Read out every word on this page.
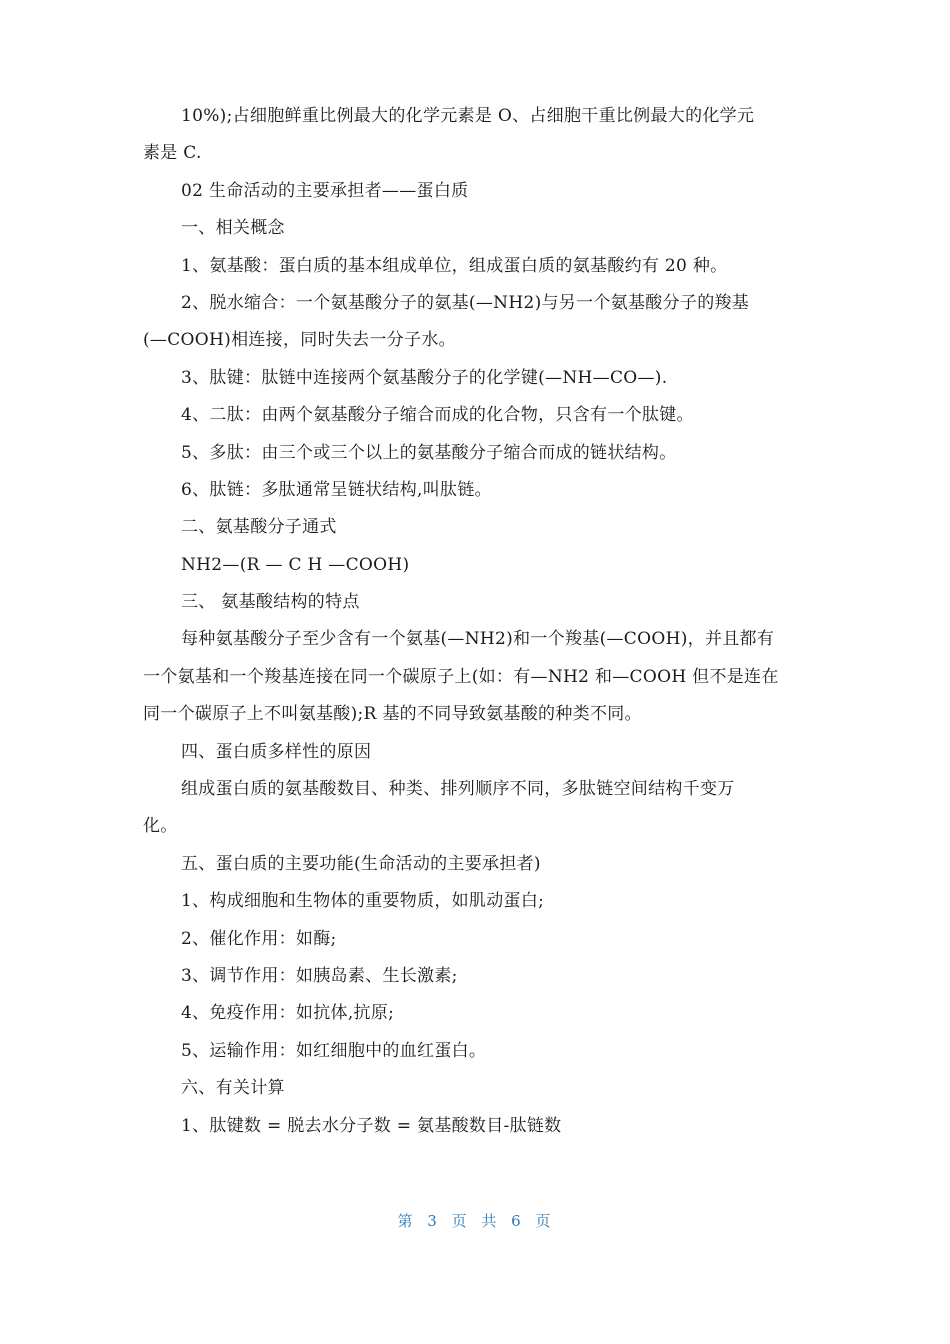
10%);占细胞鲜重比例最大的化学元素是 O、占细胞干重比例最大的化学元
素是 C.
02 生命活动的主要承担者——蛋白质
一、相关概念
1、氨基酸：蛋白质的基本组成单位，组成蛋白质的氨基酸约有 20 种。
2、脱水缩合：一个氨基酸分子的氨基(—NH2)与另一个氨基酸分子的羧基
(—COOH)相连接，同时失去一分子水。
3、肽键：肽链中连接两个氨基酸分子的化学键(—NH—CO—).
4、二肽：由两个氨基酸分子缩合而成的化合物，只含有一个肽键。
5、多肽：由三个或三个以上的氨基酸分子缩合而成的链状结构。
6、肽链：多肽通常呈链状结构,叫肽链。
二、氨基酸分子通式
NH2—(R — C H —COOH)
三、 氨基酸结构的特点
每种氨基酸分子至少含有一个氨基(—NH2)和一个羧基(—COOH)，并且都有
一个氨基和一个羧基连接在同一个碳原子上(如：有—NH2 和—COOH 但不是连在
同一个碳原子上不叫氨基酸);R 基的不同导致氨基酸的种类不同。
四、蛋白质多样性的原因
组成蛋白质的氨基酸数目、种类、排列顺序不同，多肽链空间结构千变万
化。
五、蛋白质的主要功能(生命活动的主要承担者)
1、构成细胞和生物体的重要物质，如肌动蛋白;
2、催化作用：如酶;
3、调节作用：如胰岛素、生长激素;
4、免疫作用：如抗体,抗原;
5、运输作用：如红细胞中的血红蛋白。
六、有关计算
1、肽键数 = 脱去水分子数 = 氨基酸数目-肽链数
第 3 页 共 6 页
